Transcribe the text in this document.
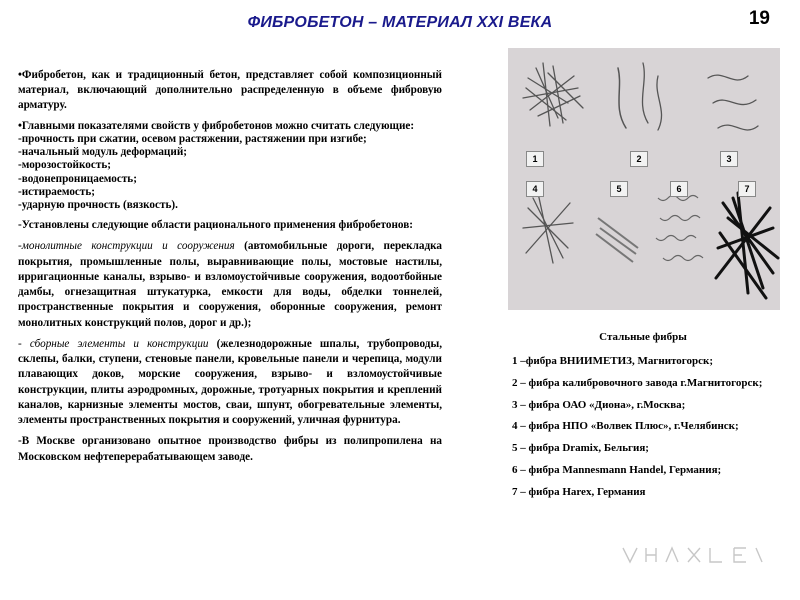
ФИБРОБЕТОН – МАТЕРИАЛ XXI ВЕКА	19

•Фибробетон, как и традиционный бетон, представляет собой композиционный материал, включающий дополнительно распределенную в объеме фибровую арматуру.

•Главными показателями свойств у фибробетонов можно считать следующие:

-прочность при сжатии, осевом растяжении, растяжении при изгибе;

-начальный модуль деформаций;

-морозостойкость;

-водонепроницаемость;

-истираемость;

-ударную прочность (вязкость).

-Установлены следующие области рационального применения фибробетонов:

-монолитные конструкции и сооружения (автомобильные дороги, перекладка покрытия, промышленные полы, выравнивающие полы, мостовые настилы, ирригационные каналы, взрыво- и взломоустойчивые сооружения, водоотбойные дамбы, огнезащитная штукатурка, емкости для воды, обделки тоннелей, пространственные покрытия и сооружения, оборонные сооружения, ремонт монолитных конструкций полов, дорог и др.);

- сборные элементы и конструкции (железнодорожные шпалы, трубопроводы, склепы, балки, ступени, стеновые панели, кровельные панели и черепица, модули плавающих доков, морские сооружения, взрыво- и взломоустойчивые конструкции, плиты аэродромных, дорожные, тротуарных покрытия и креплений каналов, карнизные элементы мостов, сваи, шпунт, обогревательные элементы, элементы пространственных покрытия и сооружений, уличная фурнитура.

-В Москве организовано опытное производство фибры из полипропилена на Московском нефтеперерабатывающем заводе.

1	2	3
4	5	6	7
Стальные фибры
1 –фибра ВНИИМЕТИЗ, Магнитогорск;
2 – фибра калибровочного завода г.Магнитогорск;
3 – фибра ОАО «Диона», г.Москва;
4 – фибра НПО «Волвек Плюс», г.Челябинск;
5 – фибра Dramix, Бельгия;
6 – фибра Mannesmann Handel, Германия;
7 – фибра Harex, Германия
